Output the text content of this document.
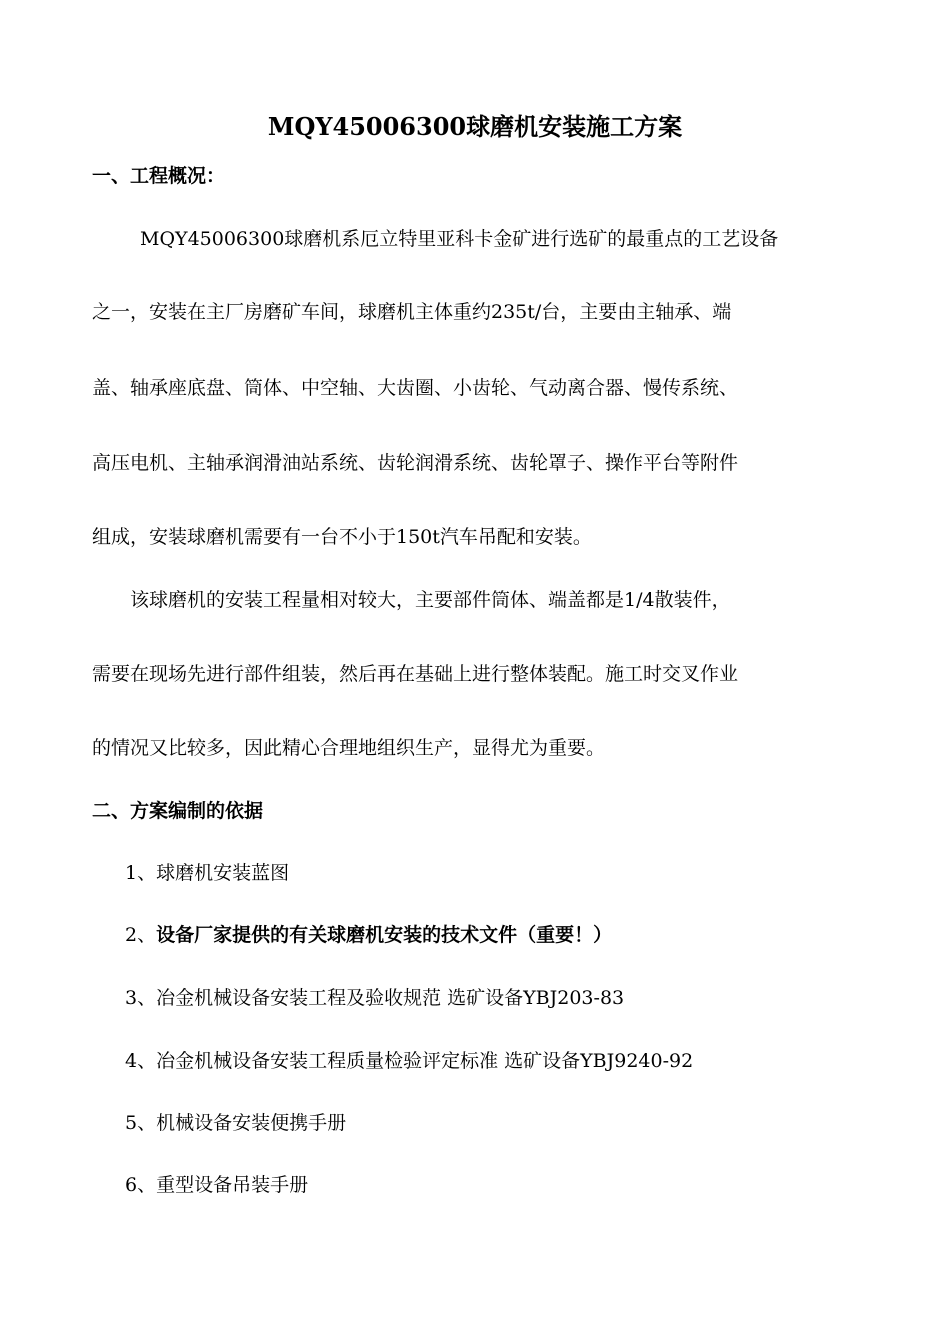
MQY45006300球磨机安装施工方案
一、工程概况：
MQY45006300球磨机系厄立特里亚科卡金矿进行选矿的最重点的工艺设备
之一，安装在主厂房磨矿车间，球磨机主体重约235t/台，主要由主轴承、端
盖、轴承座底盘、筒体、中空轴、大齿圈、小齿轮、气动离合器、慢传系统、
高压电机、主轴承润滑油站系统、齿轮润滑系统、齿轮罩子、操作平台等附件
组成，安装球磨机需要有一台不小于150t汽车吊配和安装。
该球磨机的安装工程量相对较大，主要部件筒体、端盖都是1/4散装件，
需要在现场先进行部件组装，然后再在基础上进行整体装配。施工时交叉作业
的情况又比较多，因此精心合理地组织生产，显得尤为重要。
二、方案编制的依据
1、球磨机安装蓝图
2、设备厂家提供的有关球磨机安装的技术文件（重要！）
3、冶金机械设备安装工程及验收规范 选矿设备YBJ203-83
4、冶金机械设备安装工程质量检验评定标准 选矿设备YBJ9240-92
5、机械设备安装便携手册
6、重型设备吊装手册
